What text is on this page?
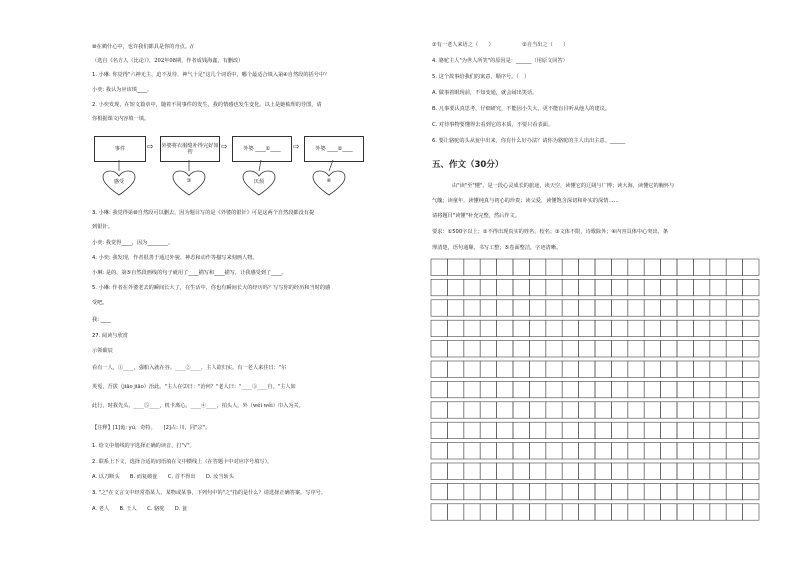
⑩在鹈什心中，也许我们都具是你的舟点。//
（选自《名方人（比论）》，202年08期，作者成钱海鑫，有删改）
1. 小琳: 你觉得"六神无主、迫不及待、神气十足"这几个词语中，哪个最适合填入第④自然段的括号中？
小奕: 我认为应该填____。
2. 小奕发现，在短文篇章中，随着不同事件的发生，我的情感也发生变化。以上是她梳理的导图，请
你根据课文内容填一填。
事件	⇨ 外婆将衣服缝补得完好如初
⇨	外婆 ____①____	⇨	外婆 ____②____
感受	③	厌烦	④
3. 小琳: 我觉得第⑩自然段可以删去，因为题目写的是《外婆的银针》可是这两个自然段都没有提
到银针。
小奕: 我觉得____，因为________。
4. 小奕: 我发现，作者很善于通过外貌、神态和动作等描写来刻画人物。
小琳: 是的，第⑤自然段画线的句子就用了____描写和____描写，让我感受到了____。
5. 小琳: 作者在外婆老去的瞬间长大了，在生活中，你也有瞬间长大的经历吗？写写你的经历和当时的感
受吧。
我: ____
27. 阅读与欣赏
示领碳辰
看有一人，①____，强船入就在谷。____②____，主人欲归实。有一老人来往曰："尔
英冤，吾拔（jiāo jiāo）治此。"主人在⑵曰："治何？"老人曰："____③____自。"主人如
此行，时我先头。____⑤____，机卡离心。____④____，拍头人。外（wéi wěi）巾入为关。
【注释】[1]诡: yú，奇特。　　[2]占: 川，同"宗"。
1. 给文中划线的字选择正确的读音，打"√"。
2. 联系上下文，选择合适的词语填在文中横线上（在答题卡中对应序号填写）。
A. 以刀断头　　B. 而复破瓮　　C. 首不得出　　D. 汝当斩头
3. "之"在文言文中经常指某人、某物或某事，下列句中的"之"指的是什么？请选择正确答案，写序号。
A. 老人　　B. 王人　　C. 骆驼　　D. 瓮
①有一老人来语之（　　）　　　　　　②自当出之（　　）
4. 骆驼主人"为世人所笑"的原因是：______（用原文回答）
5. 这个故事给我们的寓意，顺序号。（　）
A. 做事着眼现前，不知变通，就会闹出笑话。
B. 凡事要认真思考，仔细研究，不能因小失大，更不能盲目听从他人的建议。
C. 对待事物要懂得去看到它的本质，不要只看表面。
6. 要让骆驼的头从瓮中出来，你有什么好办法？请你为骆驼的主人出出主意。______
五、作文（30分）
由"读"至"懂"，是一段心灵成长的旅途，读天空，读懂它的辽阔与广博；读大海，读懂它的胸怀与
气魄；读童年，读懂纯真与初心的珍贵；读父爱，读懂饱含深切和朴实的深情……
请将题目"读懂"补充完整，然后作文。
要求：①500字以上；②不得出现真实的姓名、校名；③文体不限，诗歌除外；④内容具体中心突出，条
理清楚，语句通顺，书写工整；⑤卷面整洁，字迹清晰。
